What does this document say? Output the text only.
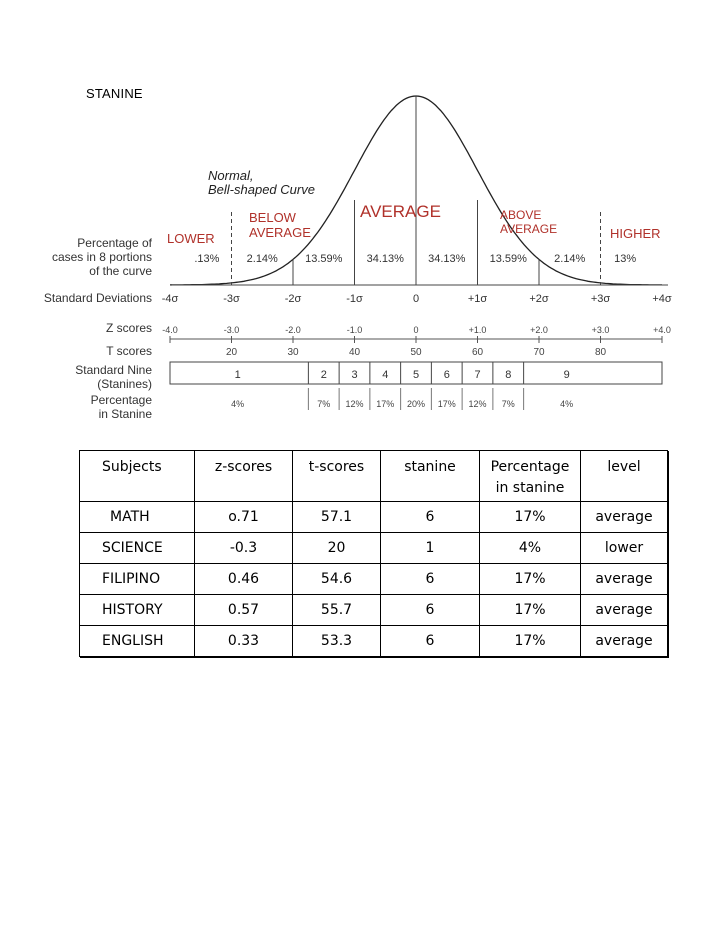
STANINE
Normal,
Bell-shaped Curve
LOWER
BELOW
AVERAGE
AVERAGE	ABOVE
AVERAGE	HIGHER
Percentage of
cases in 8 portions
of the curve
.13% 2.14% 13.59% 34.13% 34.13% 13.59% 2.14%	13%
Standard Deviations -4σ	-3σ	-2σ	-1σ	0	+1σ	+2σ	+3σ	+4σ
Z scores -4.0	-3.0	-2.0	-1.0	0	+1.0	+2.0	+3.0	+4.0
T scores	20	30	40	50	60	70	80
Standard Nine
(Stanines)
1	2 3 4 5 6 7 8	9
Percentage
in Stanine
4%	7% 12% 17% 20% 17% 12% 7%	4%
Subjects	z-scores	t-scores	stanine	Percentage in stanine	level
MATH	o.71	57.1	6	17%	average
SCIENCE	-0.3	20	1	4%	lower
FILIPINO	0.46	54.6	6	17%	average
HISTORY	0.57	55.7	6	17%	average
ENGLISH	0.33	53.3	6	17%	average
